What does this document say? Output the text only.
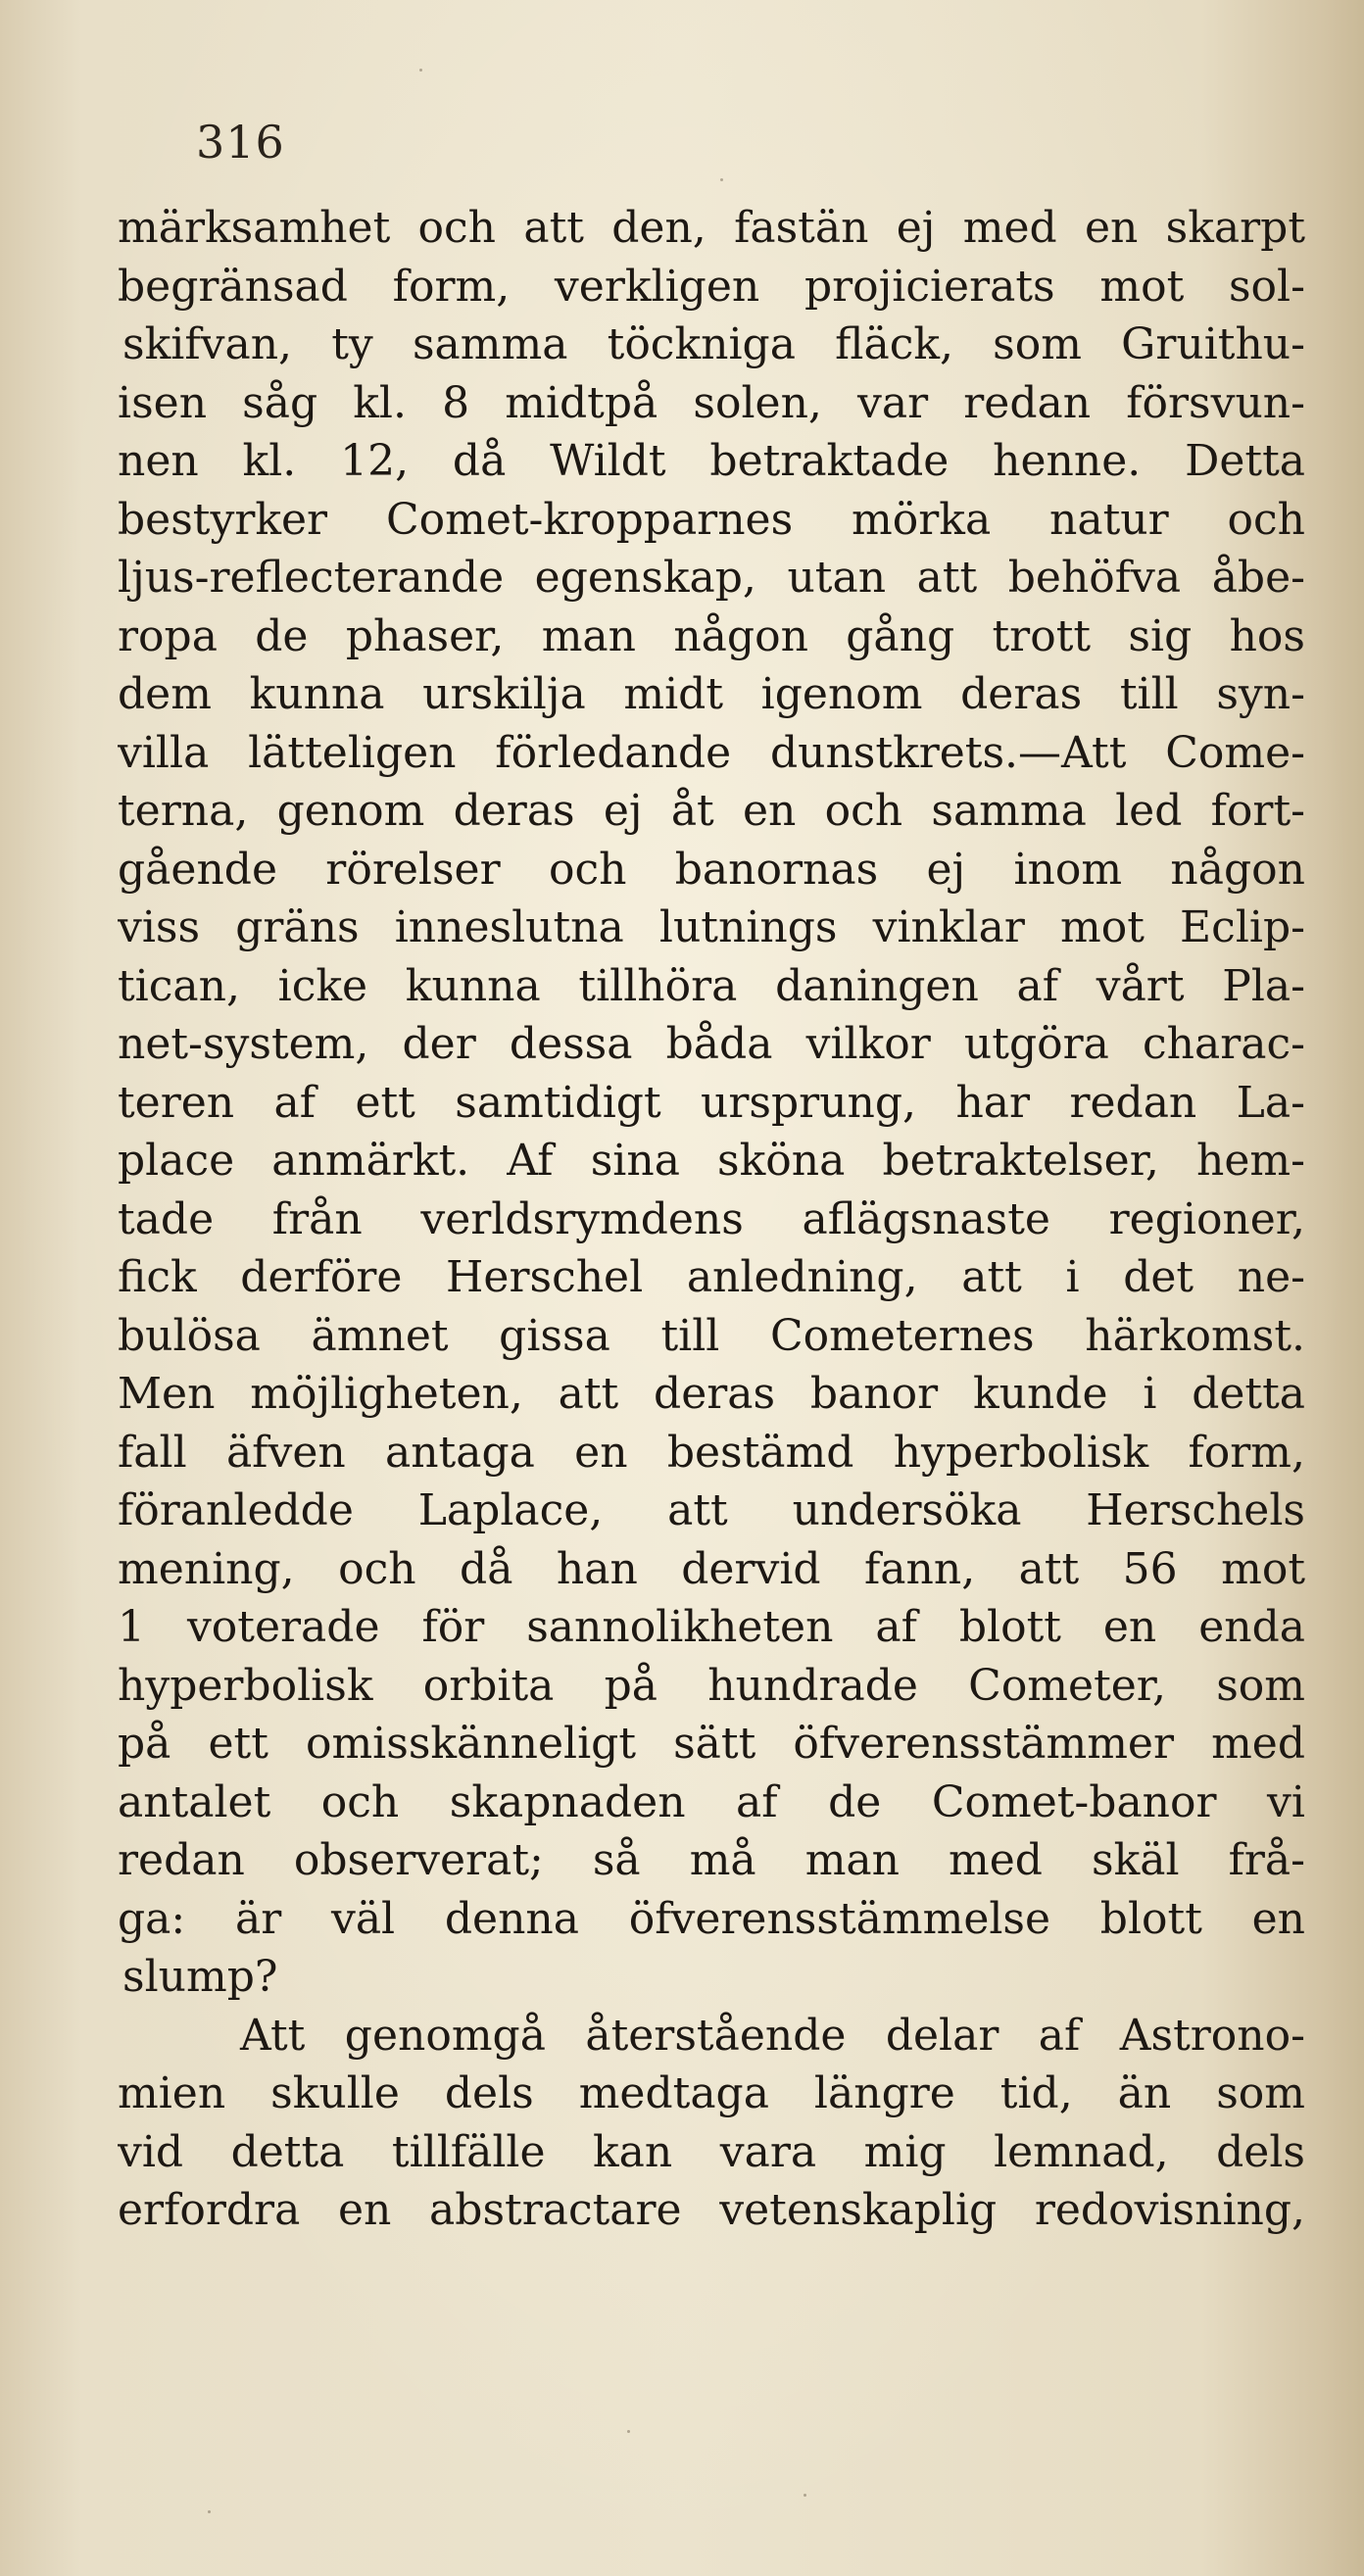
316
märksamhet och att den, fastän ej med en skarpt
begränsad form, verkligen projicierats mot sol-
skifvan, ty samma töckniga fläck, som Gruithu-
isen såg kl. 8 midtpå solen, var redan försvun-
nen kl. 12, då Wildt betraktade henne. Detta
bestyrker Comet-kropparnes mörka natur och
ljus-reflecterande egenskap, utan att behöfva åbe-
ropa de phaser, man någon gång trott sig hos
dem kunna urskilja midt igenom deras till syn-
villa lätteligen förledande dunstkrets.—Att Come-
terna, genom deras ej åt en och samma led fort-
gående rörelser och banornas ej inom någon
viss gräns inneslutna lutnings vinklar mot Eclip-
tican, icke kunna tillhöra daningen af vårt Pla-
net-system, der dessa båda vilkor utgöra charac-
teren af ett samtidigt ursprung, har redan La-
place anmärkt. Af sina sköna betraktelser, hem-
tade från verldsrymdens aflägsnaste regioner,
fick derföre Herschel anledning, att i det ne-
bulösa ämnet gissa till Cometernes härkomst.
Men möjligheten, att deras banor kunde i detta
fall äfven antaga en bestämd hyperbolisk form,
föranledde Laplace, att undersöka Herschels
mening, och då han dervid fann, att 56 mot
1 voterade för sannolikheten af blott en enda
hyperbolisk orbita på hundrade Cometer, som
på ett omisskänneligt sätt öfverensstämmer med
antalet och skapnaden af de Comet-banor vi
redan observerat; så må man med skäl frå-
ga: är väl denna öfverensstämmelse blott en
slump?
Att genomgå återstående delar af Astrono-
mien skulle dels medtaga längre tid, än som
vid detta tillfälle kan vara mig lemnad, dels
erfordra en abstractare vetenskaplig redovisning,
